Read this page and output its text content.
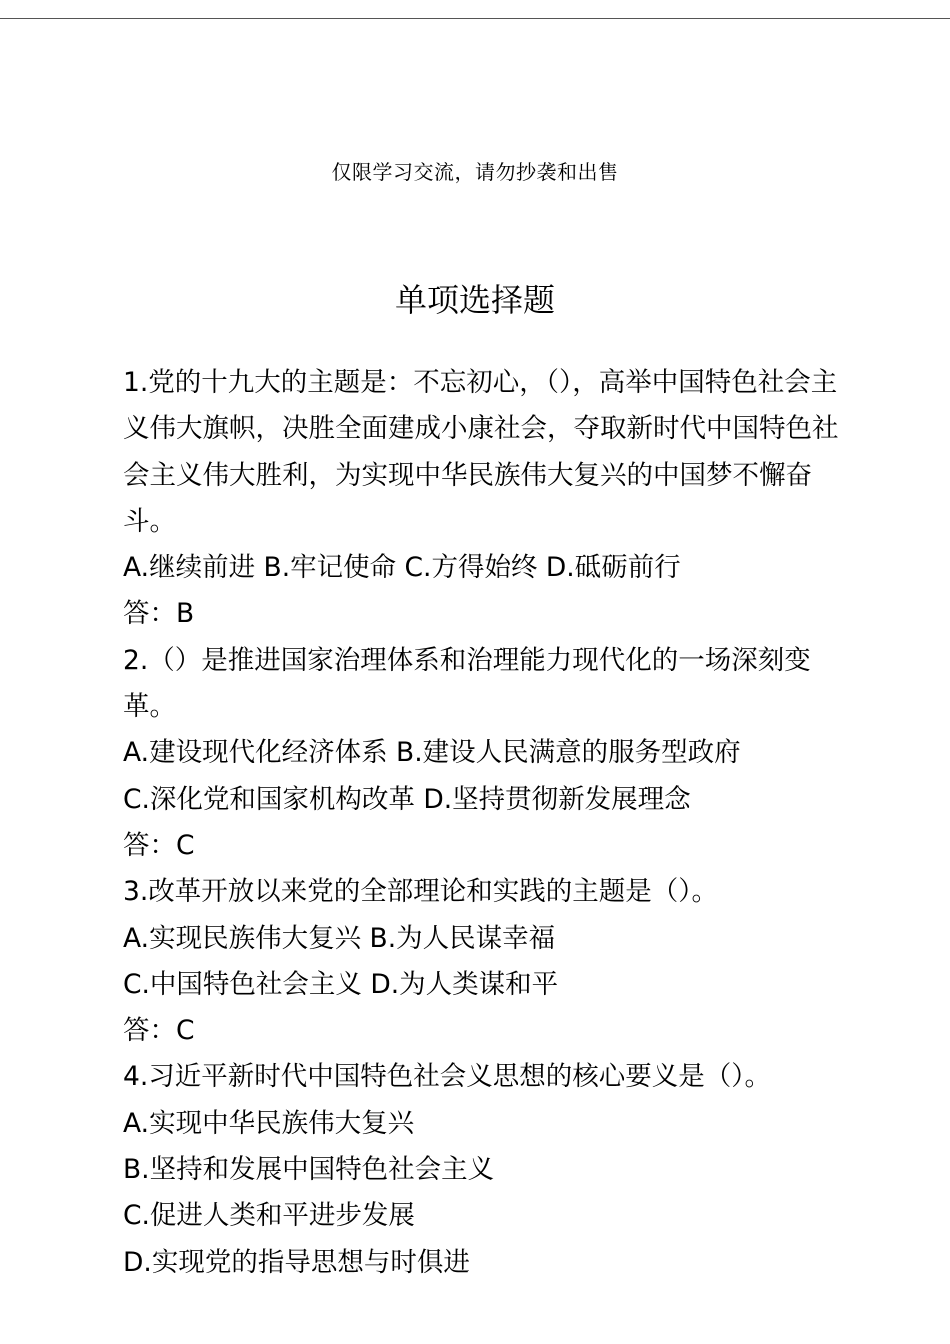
仅限学习交流，请勿抄袭和出售
单项选择题

1.党的十九大的主题是：不忘初心，（），高举中国特色社会主义伟大旗帜，决胜全面建成小康社会，夺取新时代中国特色社会主义伟大胜利，为实现中华民族伟大复兴的中国梦不懈奋斗。

A.继续前进 B.牢记使命 C.方得始终 D.砥砺前行

答：B

2.（）是推进国家治理体系和治理能力现代化的一场深刻变革。

A.建设现代化经济体系 B.建设人民满意的服务型政府

C.深化党和国家机构改革 D.坚持贯彻新发展理念

答：C

3.改革开放以来党的全部理论和实践的主题是（）。

A.实现民族伟大复兴 B.为人民谋幸福

C.中国特色社会主义 D.为人类谋和平

答：C

4.习近平新时代中国特色社会义思想的核心要义是（）。

A.实现中华民族伟大复兴

B.坚持和发展中国特色社会主义

C.促进人类和平进步发展

D.实现党的指导思想与时俱进
